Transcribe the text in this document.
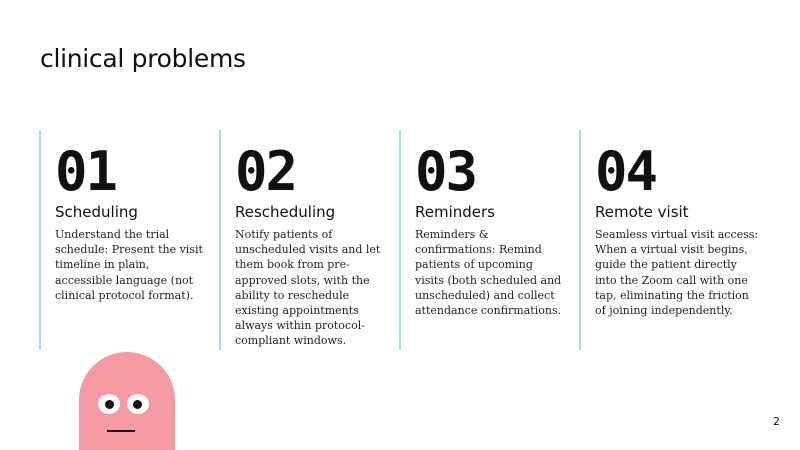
clinical problems
01
Scheduling

Understand the trial schedule: Present the visit timeline in plain, accessible language (not clinical protocol format).

02
Rescheduling

Notify patients of unscheduled visits and let them book from pre-approved slots, with the ability to reschedule existing appointments always within protocol-compliant windows.

03
Reminders

Reminders & confirmations: Remind patients of upcoming visits (both scheduled and unscheduled) and collect attendance confirmations.

04
Remote visit

Seamless virtual visit access: When a virtual visit begins, guide the patient directly into the Zoom call with one tap, eliminating the friction of joining independently.

2
